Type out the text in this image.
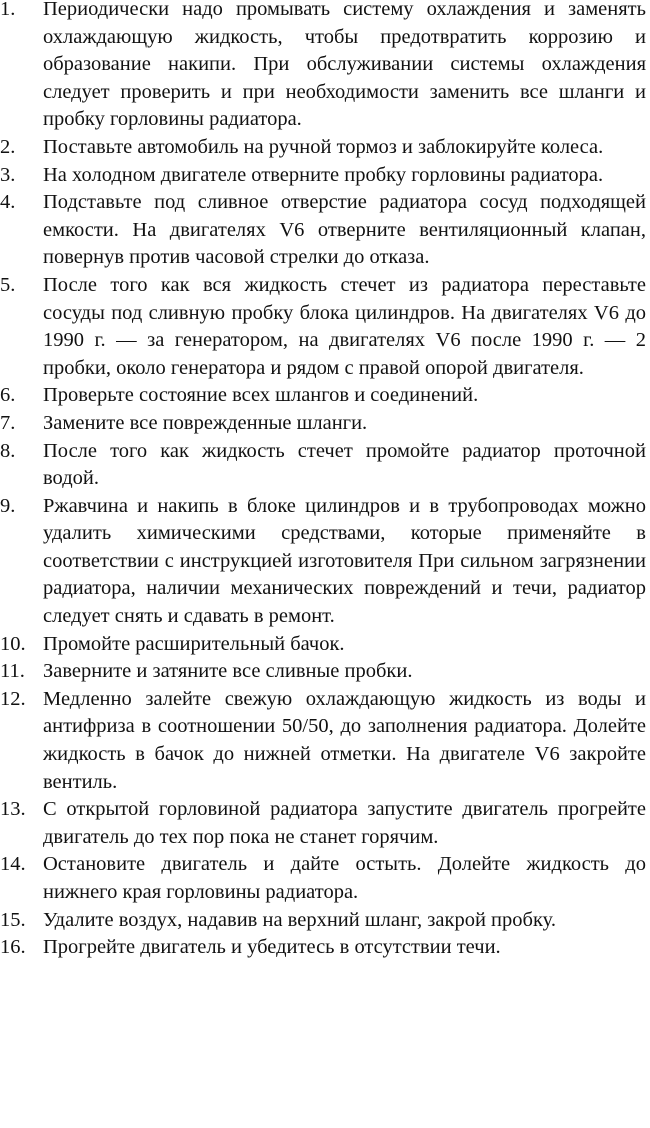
1.	Периодически надо промывать систему охлаждения и заменять охлаждающую жидкость, чтобы предотвратить коррозию и образование накипи. При обслуживании системы охлаждения следует проверить и при необходимости заменить все шланги и пробку горловины радиатора.
2.	Поставьте автомобиль на ручной тормоз и заблокируйте колеса.
3.	На холодном двигателе отверните пробку горловины радиатора.
4.	Подставьте под сливное отверстие радиатора сосуд подходящей емкости. На двигателях V6 отверните вентиляционный клапан, повернув против часовой стрелки до отказа.
5.	После того как вся жидкость стечет из радиатора переставьте сосуды под сливную пробку блока цилиндров. На двигателях V6 до 1990 г. — за генератором, на двигателях V6 после 1990 г. — 2 пробки, около генератора и рядом с правой опорой двигателя.
6.	Проверьте состояние всех шлангов и соединений.
7.	Замените все поврежденные шланги.
8.	После того как жидкость стечет промойте радиатор проточной водой.
9.	Ржавчина и накипь в блоке цилиндров и в трубопроводах можно удалить химическими средствами, которые применяйте в соответствии с инструкцией изготовителя При сильном загрязнении радиатора, наличии механических повреждений и течи, радиатор следует снять и сдавать в ремонт.
10. Промойте расширительный бачок.
11. Заверните и затяните все сливные пробки.
12. Медленно залейте свежую охлаждающую жидкость из воды и антифриза в соотношении 50/50, до заполнения радиатора. Долейте жидкость в бачок до нижней отметки. На двигателе V6 закройте вентиль.
13. С открытой горловиной радиатора запустите двигатель прогрейте двигатель до тех пор пока не станет горячим.
14. Остановите двигатель и дайте остыть. Долейте жидкость до нижнего края горловины радиатора.
15. Удалите воздух, надавив на верхний шланг, закрой пробку.
16. Прогрейте двигатель и убедитесь в отсутствии течи.
